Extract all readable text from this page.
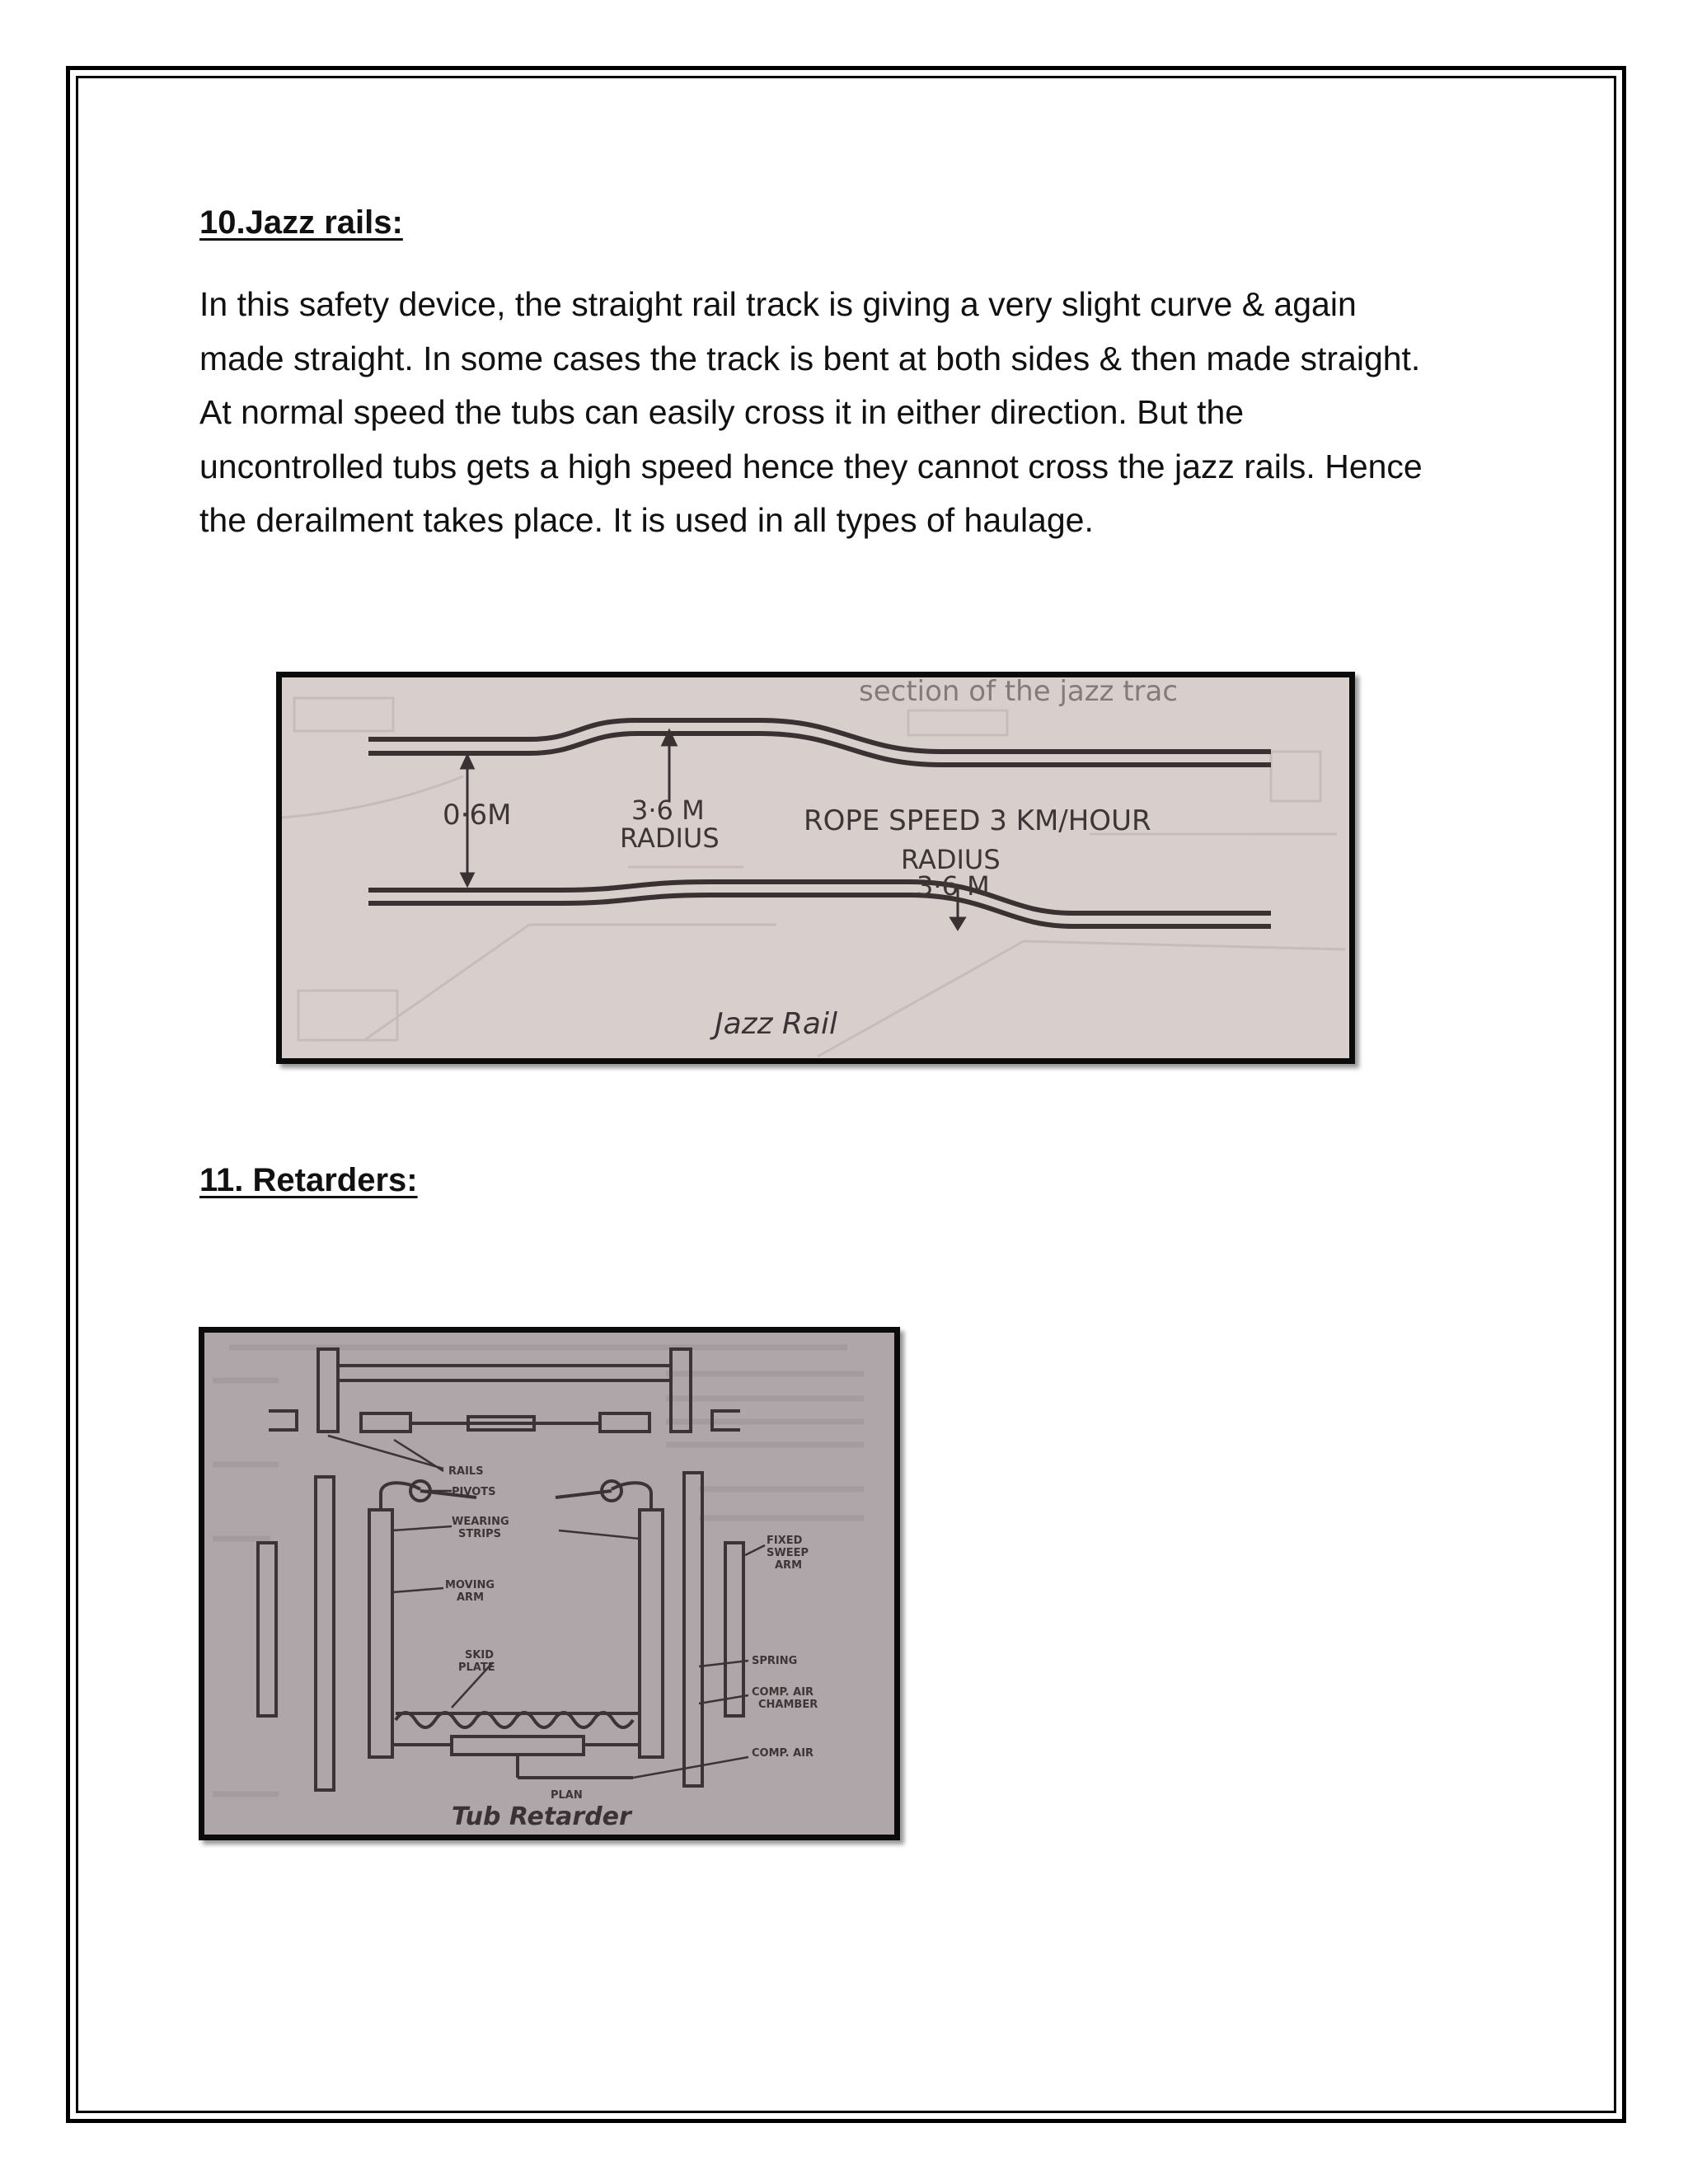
10.Jazz rails:
In this safety device, the straight rail track is giving a very slight curve & again
made straight. In some cases the track is bent at both sides & then made straight.
At normal speed the tubs can easily cross it in either direction. But the
uncontrolled tubs gets a high speed hence they cannot cross the jazz rails. Hence
the derailment takes place. It is used in all types of haulage.
section of the jazz trac
0·6M	3·6 M
RADIUS
ROPE SPEED 3 KM/HOUR
RADIUS
3·6 M
Jazz Rail
11. Retarders:
RAILS
PIVOTS
WEARING
STRIPS
MOVING
ARM
SKID
PLATE
FIXED
SWEEP
ARM
SPRING
COMP. AIR
CHAMBER
COMP. AIR
PLAN
Tub Retarder
